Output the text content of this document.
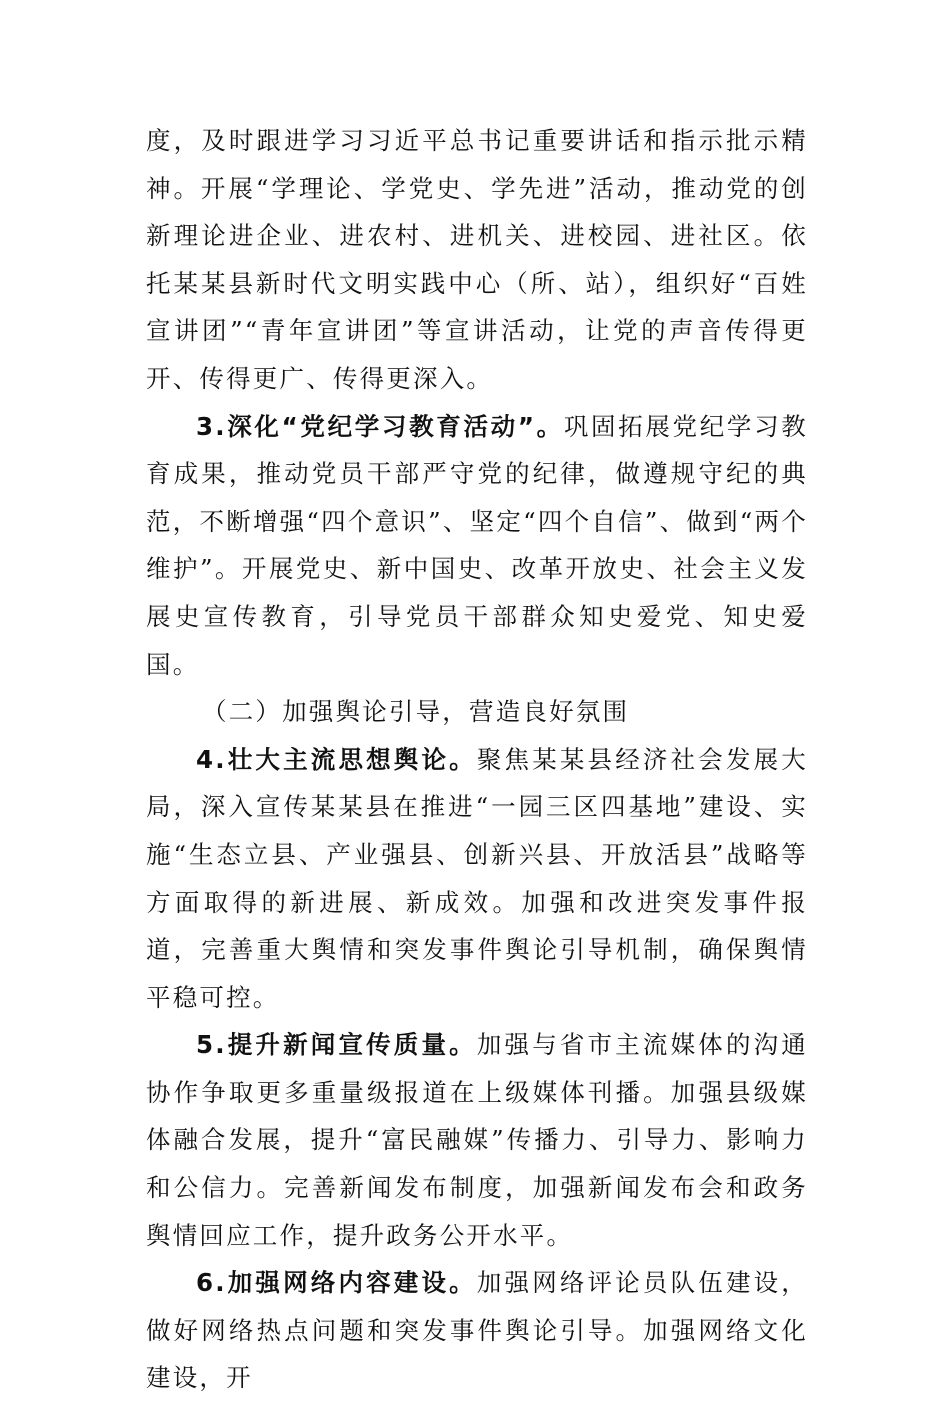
度，及时跟进学习习近平总书记重要讲话和指示批示精神。开展“学理论、学党史、学先进”活动，推动党的创新理论进企业、进农村、进机关、进校园、进社区。依托某某县新时代文明实践中心（所、站），组织好“百姓宣讲团”“青年宣讲团”等宣讲活动，让党的声音传得更开、传得更广、传得更深入。

3.深化“党纪学习教育活动”。巩固拓展党纪学习教育成果，推动党员干部严守党的纪律，做遵规守纪的典范，不断增强“四个意识”、坚定“四个自信”、做到“两个维护”。开展党史、新中国史、改革开放史、社会主义发展史宣传教育，引导党员干部群众知史爱党、知史爱国。

（二）加强舆论引导，营造良好氛围

4.壮大主流思想舆论。聚焦某某县经济社会发展大局，深入宣传某某县在推进“一园三区四基地”建设、实施“生态立县、产业强县、创新兴县、开放活县”战略等方面取得的新进展、新成效。加强和改进突发事件报道，完善重大舆情和突发事件舆论引导机制，确保舆情平稳可控。

5.提升新闻宣传质量。加强与省市主流媒体的沟通协作争取更多重量级报道在上级媒体刊播。加强县级媒体融合发展，提升“富民融媒”传播力、引导力、影响力和公信力。完善新闻发布制度，加强新闻发布会和政务舆情回应工作，提升政务公开水平。

6.加强网络内容建设。加强网络评论员队伍建设，做好网络热点问题和突发事件舆论引导。加强网络文化建设，开
